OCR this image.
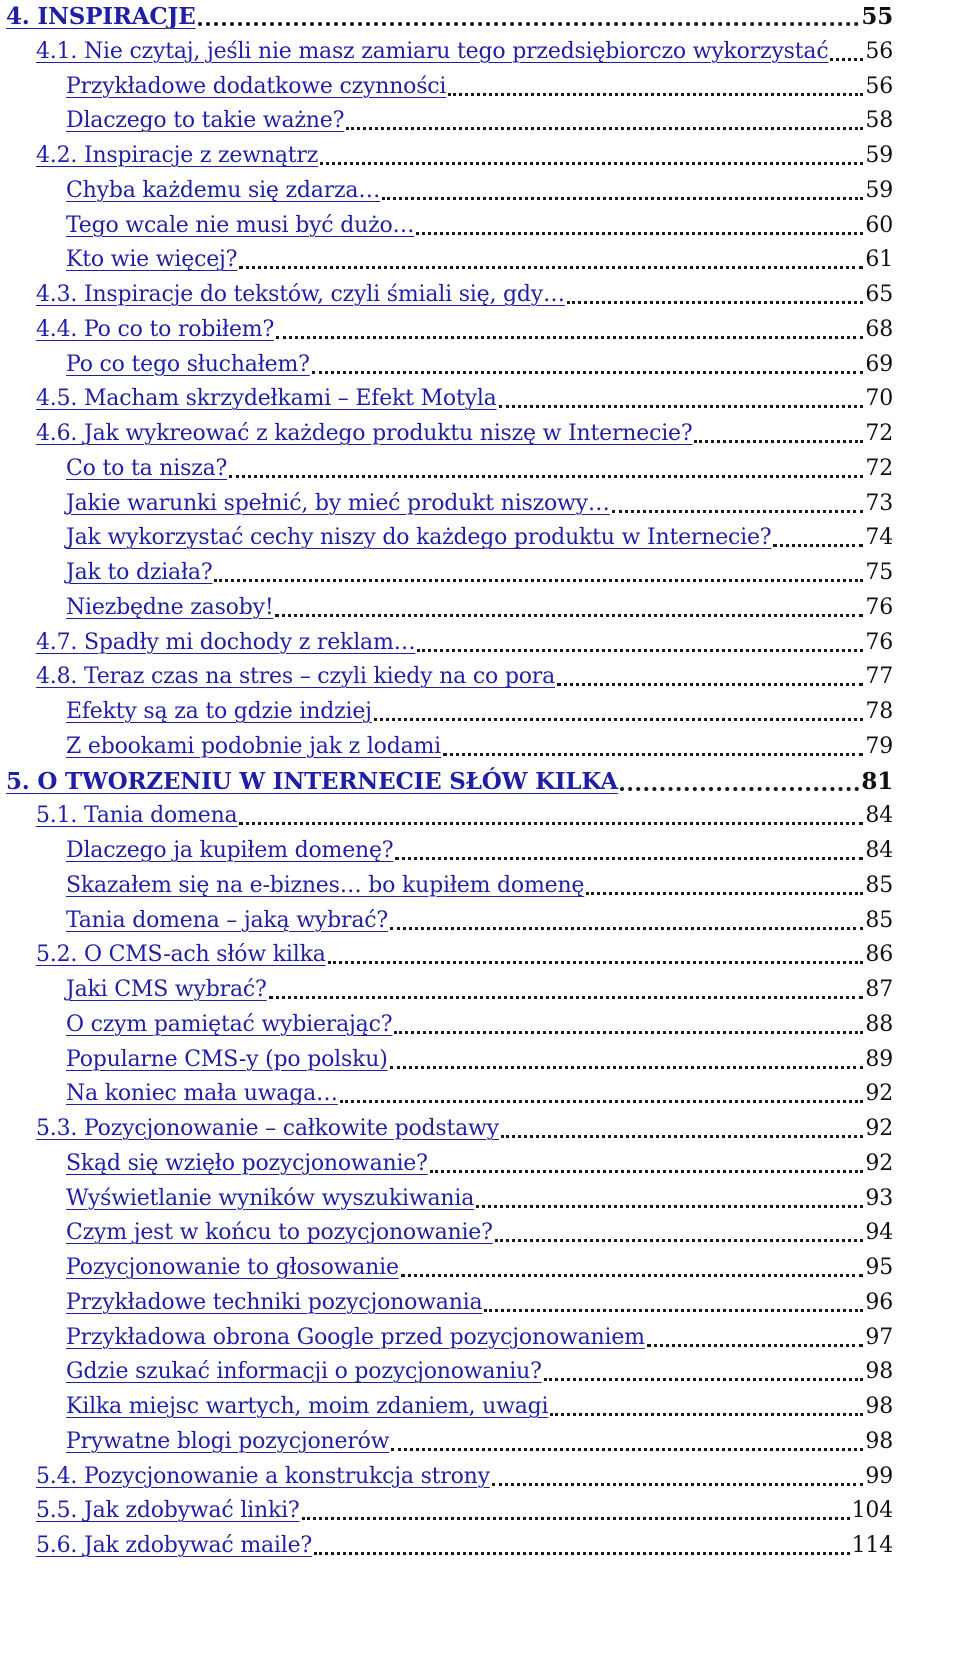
4. INSPIRACJE	55
4.1. Nie czytaj, jeśli nie masz zamiaru tego przedsiębiorczo wykorzystać 56
Przykładowe dodatkowe czynności	56
Dlaczego to takie ważne?	58
4.2. Inspiracje z zewnątrz	59
Chyba każdemu się zdarza…	59
Tego wcale nie musi być dużo…	60
Kto wie więcej?	61
4.3. Inspiracje do tekstów, czyli śmiali się, gdy…	65
4.4. Po co to robiłem?	68
Po co tego słuchałem?	69
4.5. Macham skrzydełkami – Efekt Motyla	70
4.6. Jak wykreować z każdego produktu niszę w Internecie?	72
Co to ta nisza?	72
Jakie warunki spełnić, by mieć produkt niszowy…	73
Jak wykorzystać cechy niszy do każdego produktu w Internecie?	74
Jak to działa?	75
Niezbędne zasoby!	76
4.7. Spadły mi dochody z reklam…	76
4.8. Teraz czas na stres – czyli kiedy na co pora	77
Efekty są za to gdzie indziej	78
Z ebookami podobnie jak z lodami	79
5. O TWORZENIU W INTERNECIE SŁÓW KILKA	81
5.1. Tania domena	84
Dlaczego ja kupiłem domenę?	84
Skazałem się na e-biznes… bo kupiłem domenę	85
Tania domena – jaką wybrać?	85
5.2. O CMS-ach słów kilka	86
Jaki CMS wybrać?	87
O czym pamiętać wybierając?	88
Popularne CMS-y (po polsku)	89
Na koniec mała uwaga…	92
5.3. Pozycjonowanie – całkowite podstawy	92
Skąd się wzięło pozycjonowanie?	92
Wyświetlanie wyników wyszukiwania	93
Czym jest w końcu to pozycjonowanie?	94
Pozycjonowanie to głosowanie	95
Przykładowe techniki pozycjonowania	96
Przykładowa obrona Google przed pozycjonowaniem	97
Gdzie szukać informacji o pozycjonowaniu?	98
Kilka miejsc wartych, moim zdaniem, uwagi	98
Prywatne blogi pozycjonerów	98
5.4. Pozycjonowanie a konstrukcja strony	99
5.5. Jak zdobywać linki?	104
5.6. Jak zdobywać maile?	114
